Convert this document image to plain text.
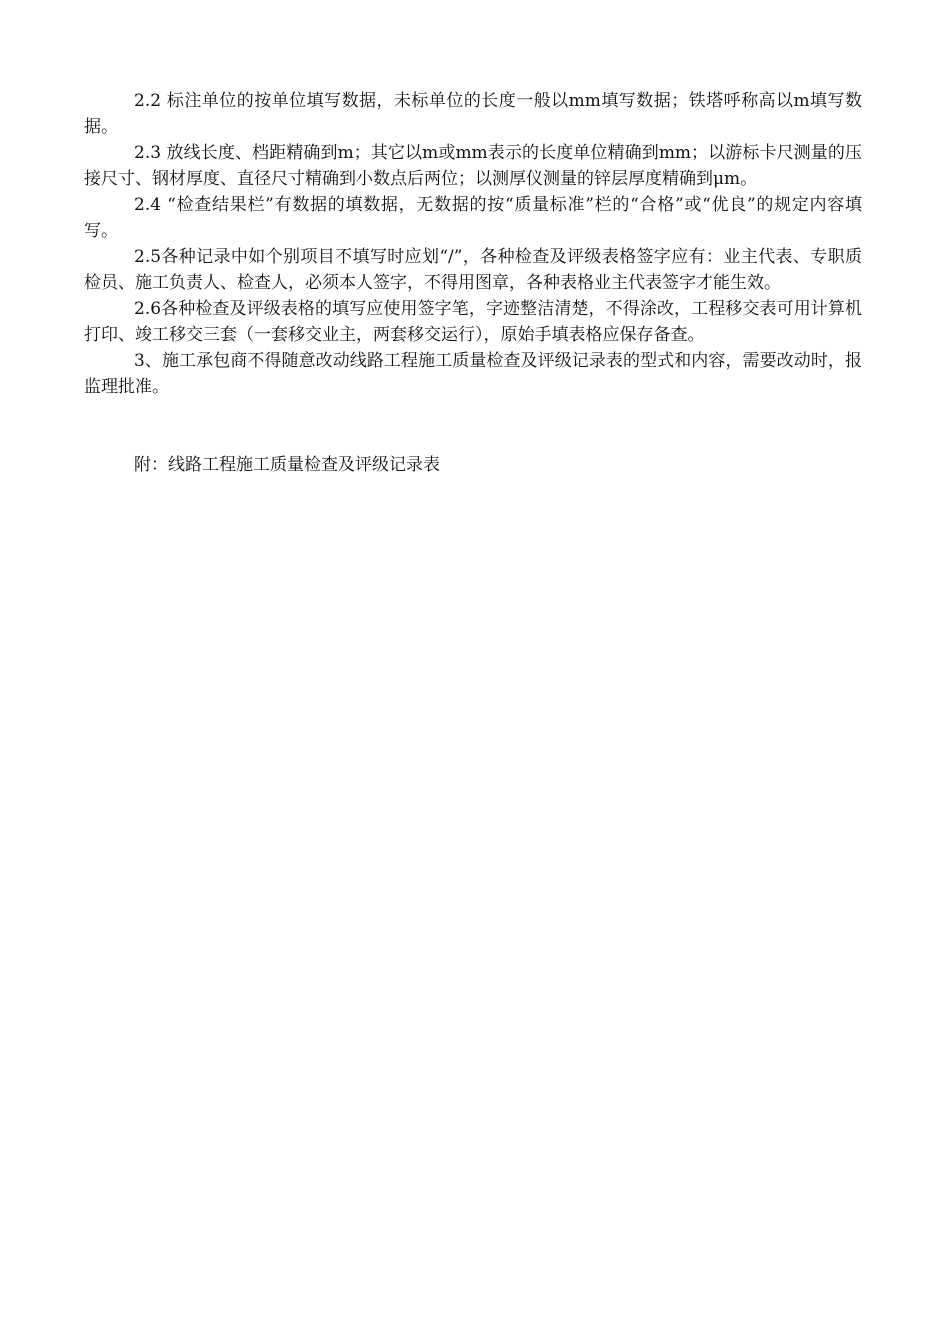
2.2 标注单位的按单位填写数据，未标单位的长度一般以mm填写数据；铁塔呼称高以m填写数据。

2.3 放线长度、档距精确到m；其它以m或mm表示的长度单位精确到mm；以游标卡尺测量的压接尺寸、钢材厚度、直径尺寸精确到小数点后两位；以测厚仪测量的锌层厚度精确到μm。

2.4 “检查结果栏”有数据的填数据，无数据的按“质量标准”栏的“合格”或“优良”的规定内容填写。

2.5各种记录中如个别项目不填写时应划“/”，各种检查及评级表格签字应有：业主代表、专职质检员、施工负责人、检查人，必须本人签字，不得用图章，各种表格业主代表签字才能生效。

2.6各种检查及评级表格的填写应使用签字笔，字迹整洁清楚，不得涂改，工程移交表可用计算机打印、竣工移交三套（一套移交业主，两套移交运行），原始手填表格应保存备查。

3、施工承包商不得随意改动线路工程施工质量检查及评级记录表的型式和内容，需要改动时，报监理批准。

附：线路工程施工质量检查及评级记录表
